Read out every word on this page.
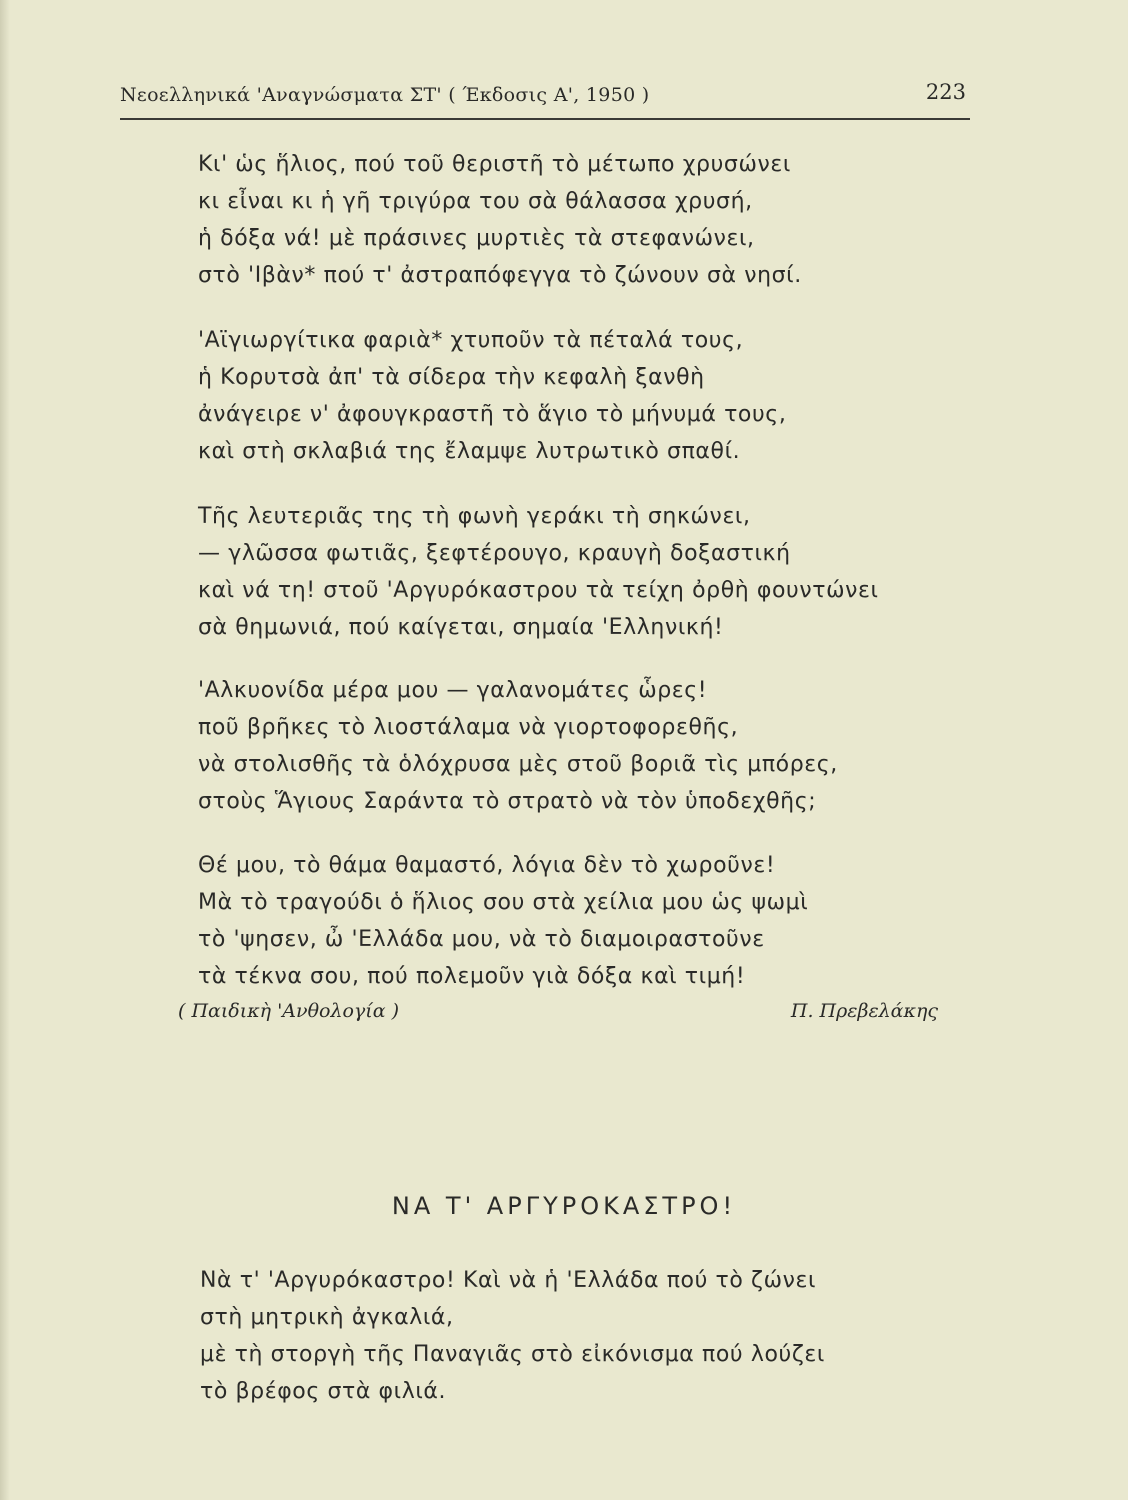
Νεοελληνικά 'Αναγνώσματα ΣΤ' ( Έκδοσις Α', 1950 )	223
Κι' ὡς ἥλιος, πού τοῦ θεριστῆ τὸ μέτωπο χρυσώνει
κι εἶναι κι ἡ γῆ τριγύρα του σὰ θάλασσα χρυσή,
ἡ δόξα νά! μὲ πράσινες μυρτιὲς τὰ στεφανώνει,
στὸ 'Ιβὰν* πού τ' ἀστραπόφεγγα τὸ ζώνουν σὰ νησί.
'Αϊγιωργίτικα φαριὰ* χτυποῦν τὰ πέταλά τους,
ἡ Κορυτσὰ ἀπ' τὰ σίδερα τὴν κεφαλὴ ξανθὴ
ἀνάγειρε ν' ἀφουγκραστῆ τὸ ἅγιο τὸ μήνυμά τους,
καὶ στὴ σκλαβιά της ἔλαμψε λυτρωτικὸ σπαθί.
Τῆς λευτεριᾶς της τὴ φωνὴ γεράκι τὴ σηκώνει,
— γλῶσσα φωτιᾶς, ξεφτέρουγο, κραυγὴ δοξαστική
καὶ νά τη! στοῦ 'Αργυρόκαστρου τὰ τείχη ὀρθὴ φουντώνει
σὰ θημωνιά, πού καίγεται, σημαία 'Ελληνική!
'Αλκυονίδα μέρα μου — γαλανομάτες ὧρες!
ποῦ βρῆκες τὸ λιοστάλαμα νὰ γιορτοφορεθῆς,
νὰ στολισθῆς τὰ ὁλόχρυσα μὲς στοῦ βοριᾶ τὶς μπόρες,
στοὺς Ἅγιους Σαράντα τὸ στρατὸ νὰ τὸν ὑποδεχθῆς;
Θέ μου, τὸ θάμα θαμαστό, λόγια δὲν τὸ χωροῦνε!
Μὰ τὸ τραγούδι ὁ ἥλιος σου στὰ χείλια μου ὡς ψωμὶ
τὸ 'ψησεν, ὦ 'Ελλάδα μου, νὰ τὸ διαμοιραστοῦνε
τὰ τέκνα σου, πού πολεμοῦν γιὰ δόξα καὶ τιμή!
( Παιδικὴ 'Ανθολογία )	Π. Πρεβελάκης
ΝΑ Τ' ΑΡΓΥΡΟΚΑΣΤΡΟ!
Νὰ τ' 'Αργυρόκαστρο! Καὶ νὰ ἡ 'Ελλάδα πού τὸ ζώνει
στὴ μητρικὴ ἀγκαλιά,
μὲ τὴ στοργὴ τῆς Παναγιᾶς στὸ εἰκόνισμα πού λούζει
τὸ βρέφος στὰ φιλιά.
